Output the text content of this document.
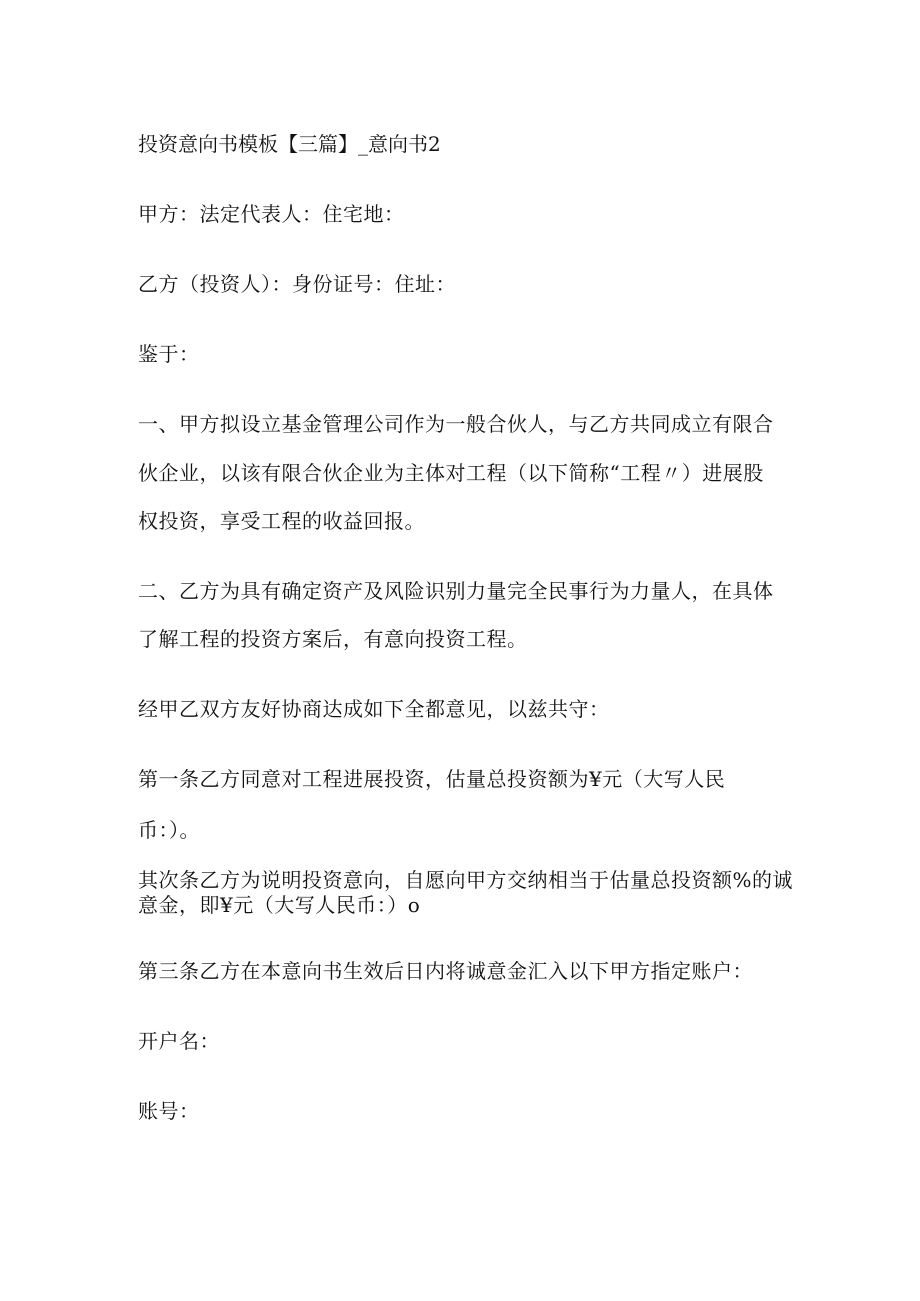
投资意向书模板【三篇】_意向书2
甲方：法定代表人：住宅地：
乙方（投资人）：身份证号：住址：
鉴于：
一、甲方拟设立基金管理公司作为一般合伙人，与乙方共同成立有限合
伙企业，以该有限合伙企业为主体对工程（以下简称“工程〃）进展股
权投资，享受工程的收益回报。
二、乙方为具有确定资产及风险识别力量完全民事行为力量人，在具体
了解工程的投资方案后，有意向投资工程。
经甲乙双方友好协商达成如下全都意见，以兹共守：
第一条乙方同意对工程进展投资，估量总投资额为¥元（大写人民
币：）。
其次条乙方为说明投资意向，自愿向甲方交纳相当于估量总投资额%的诚
意金，即¥元（大写人民币：）o
第三条乙方在本意向书生效后日内将诚意金汇入以下甲方指定账户：
开户名：
账号：
